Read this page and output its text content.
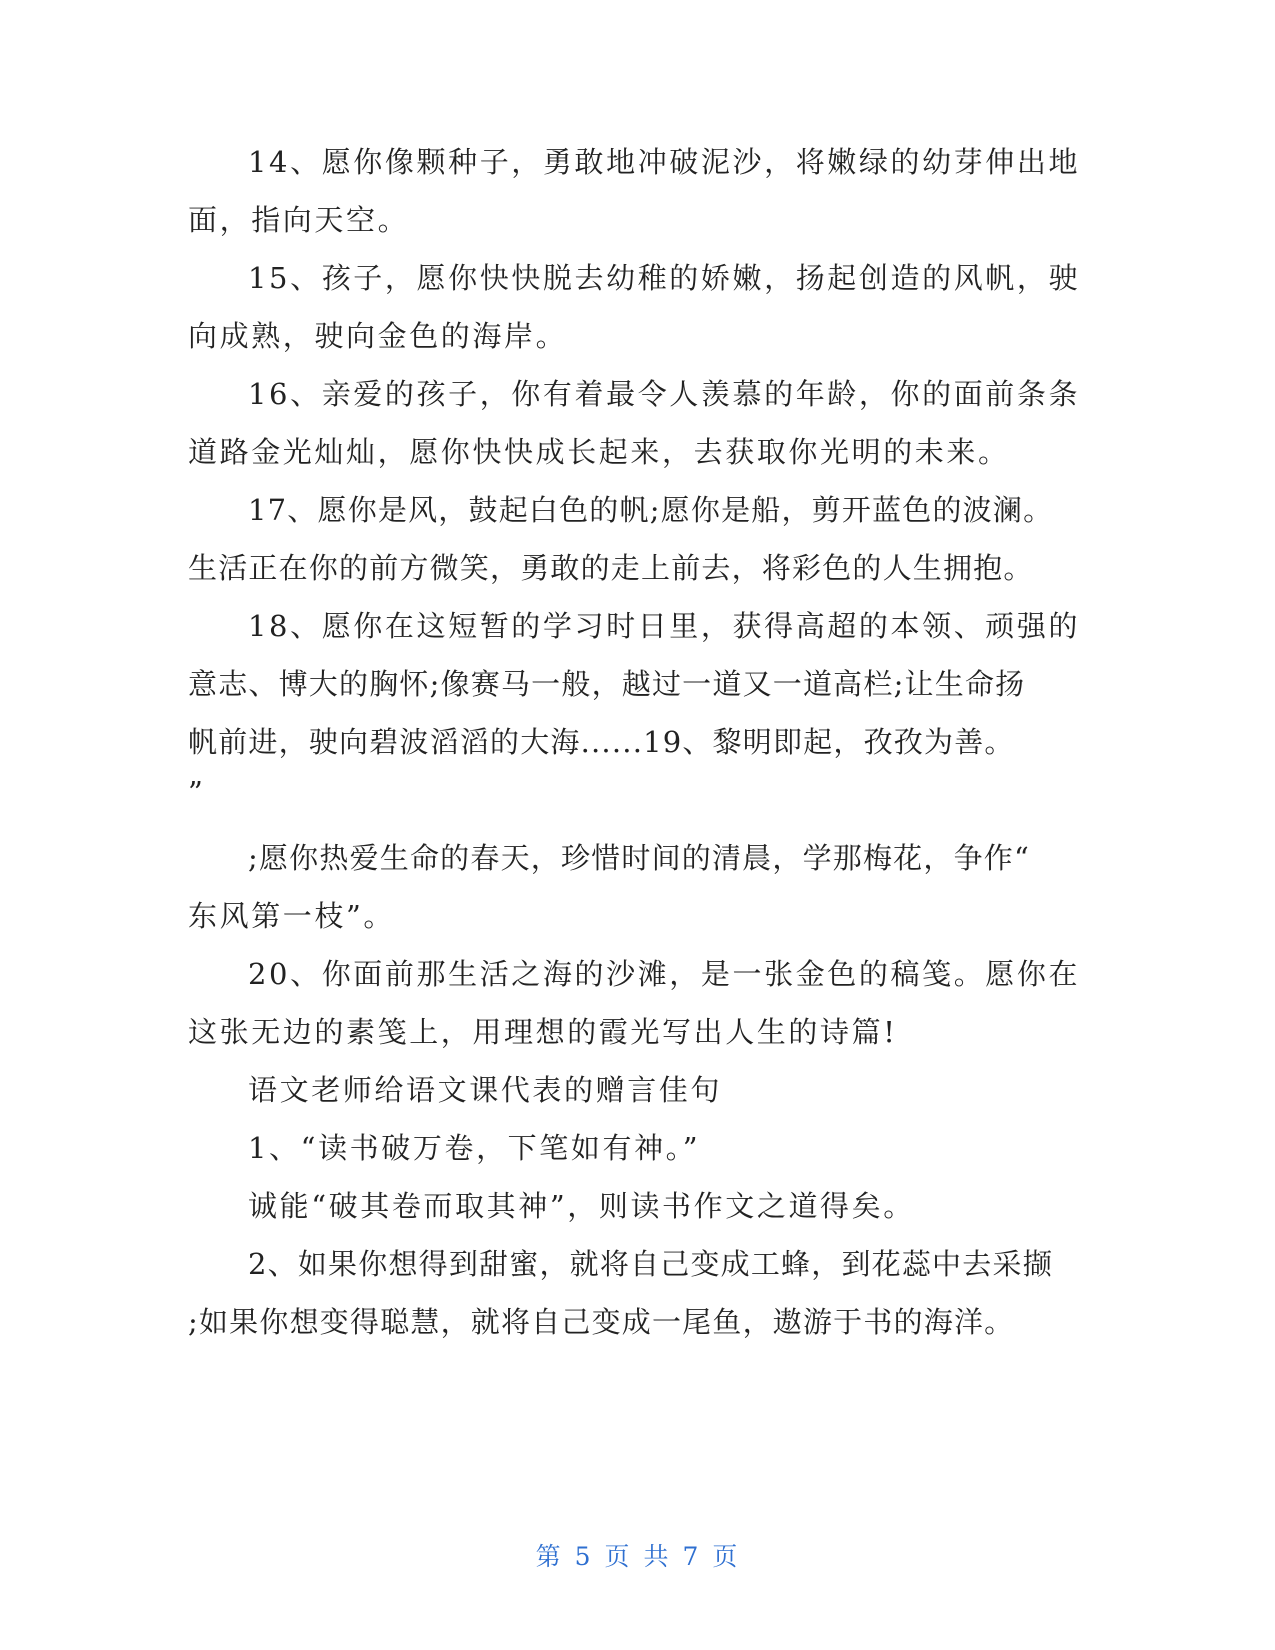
14、愿你像颗种子，勇敢地冲破泥沙，将嫩绿的幼芽伸出地
面，指向天空。
15、孩子，愿你快快脱去幼稚的娇嫩，扬起创造的风帆，驶
向成熟，驶向金色的海岸。
16、亲爱的孩子，你有着最令人羡慕的年龄，你的面前条条
道路金光灿灿，愿你快快成长起来，去获取你光明的未来。
17、愿你是风，鼓起白色的帆;愿你是船，剪开蓝色的波澜。
生活正在你的前方微笑，勇敢的走上前去，将彩色的人生拥抱。
18、愿你在这短暂的学习时日里，获得高超的本领、顽强的
意志、博大的胸怀;像赛马一般，越过一道又一道高栏;让生命扬
帆前进，驶向碧波滔滔的大海......19、黎明即起，孜孜为善。
”
;愿你热爱生命的春天，珍惜时间的清晨，学那梅花，争作“
东风第一枝”。
20、你面前那生活之海的沙滩，是一张金色的稿笺。愿你在
这张无边的素笺上，用理想的霞光写出人生的诗篇!
语文老师给语文课代表的赠言佳句
1、“读书破万卷，下笔如有神。”
诚能“破其卷而取其神”，则读书作文之道得矣。
2、如果你想得到甜蜜，就将自己变成工蜂，到花蕊中去采撷
;如果你想变得聪慧，就将自己变成一尾鱼，遨游于书的海洋。
第 5 页 共 7 页
